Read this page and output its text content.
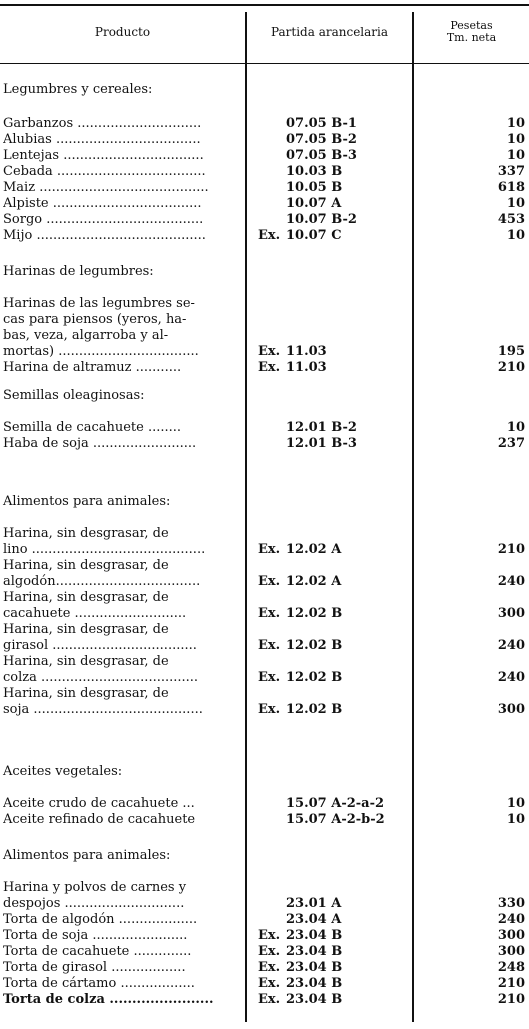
Producto	Partida arancelaria	Pesetas
Tm. neta
Legumbres y cereales:
Harinas de legumbres:
Semillas oleaginosas:
Alimentos para animales:
Aceites vegetales:
Alimentos para animales:
Garbanzos ..............................	07.05 B-1	10
Alubias ...................................	07.05 B-2	10
Lentejas ..................................	07.05 B-3	10
Cebada ....................................	10.03 B	337
Maiz .........................................	10.05 B	618
Alpiste ....................................	10.07 A	10
Sorgo ......................................	10.07 B-2	453
Mijo .........................................	Ex. 10.07 C	10
Harinas de las legumbres se-
cas para piensos (yeros, ha-
bas, veza, algarroba y al-
mortas) ..................................	Ex. 11.03	195
Harina de altramuz ...........	Ex. 11.03	210
Semilla de cacahuete ........	12.01 B-2	10
Haba de soja .........................	12.01 B-3	237
Harina, sin desgrasar, de
lino ..........................................	Ex. 12.02 A	210
Harina, sin desgrasar, de
algodón...................................	Ex. 12.02 A	240
Harina, sin desgrasar, de
cacahuete ...........................	Ex. 12.02 B	300
Harina, sin desgrasar, de
girasol ...................................	Ex. 12.02 B	240
Harina, sin desgrasar, de
colza ......................................	Ex. 12.02 B	240
Harina, sin desgrasar, de
soja .........................................	Ex. 12.02 B	300
Aceite crudo de cacahuete ...	15.07 A-2-a-2	10
Aceite refinado de cacahuete	15.07 A-2-b-2	10
Harina y polvos de carnes y
despojos .............................	23.01 A	330
Torta de algodón ...................	23.04 A	240
Torta de soja .......................	Ex. 23.04 B	300
Torta de cacahuete ..............	Ex. 23.04 B	300
Torta de girasol ..................	Ex. 23.04 B	248
Torta de cártamo ..................	Ex. 23.04 B	210
Torta de colza .......................	Ex. 23.04 B	210
